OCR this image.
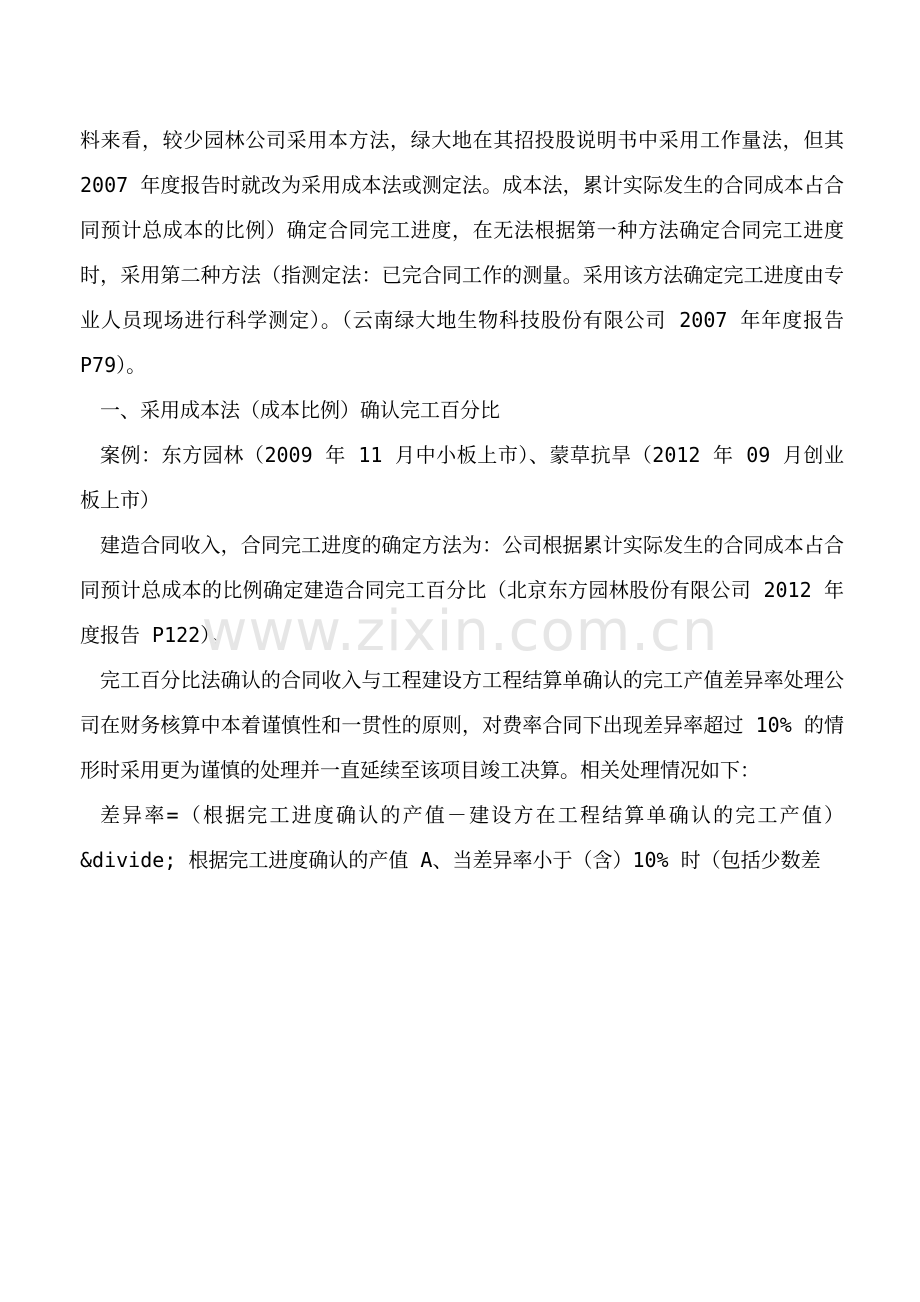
料来看，较少园林公司采用本方法，绿大地在其招投股说明书中采用工作量法，但其 2007 年度报告时就改为采用成本法或测定法。成本法，累计实际发生的合同成本占合同预计总成本的比例）确定合同完工进度，在无法根据第一种方法确定合同完工进度时，采用第二种方法（指测定法：已完合同工作的测量。采用该方法确定完工进度由专业人员现场进行科学测定）。（云南绿大地生物科技股份有限公司 2007 年年度报告 P79）。

一、采用成本法（成本比例）确认完工百分比

案例：东方园林（2009 年 11 月中小板上市）、蒙草抗旱（2012 年 09 月创业板上市）

建造合同收入，合同完工进度的确定方法为：公司根据累计实际发生的合同成本占合同预计总成本的比例确定建造合同完工百分比（北京东方园林股份有限公司 2012 年度报告 P122）。

完工百分比法确认的合同收入与工程建设方工程结算单确认的完工产值差异率处理公司在财务核算中本着谨慎性和一贯性的原则，对费率合同下出现差异率超过 10% 的情形时采用更为谨慎的处理并一直延续至该项目竣工决算。相关处理情况如下：

差异率=（根据完工进度确认的产值－建设方在工程结算单确认的完工产值）&divide; 根据完工进度确认的产值 A、当差异率小于（含）10% 时（包括少数差

www.zixin.com.cn
